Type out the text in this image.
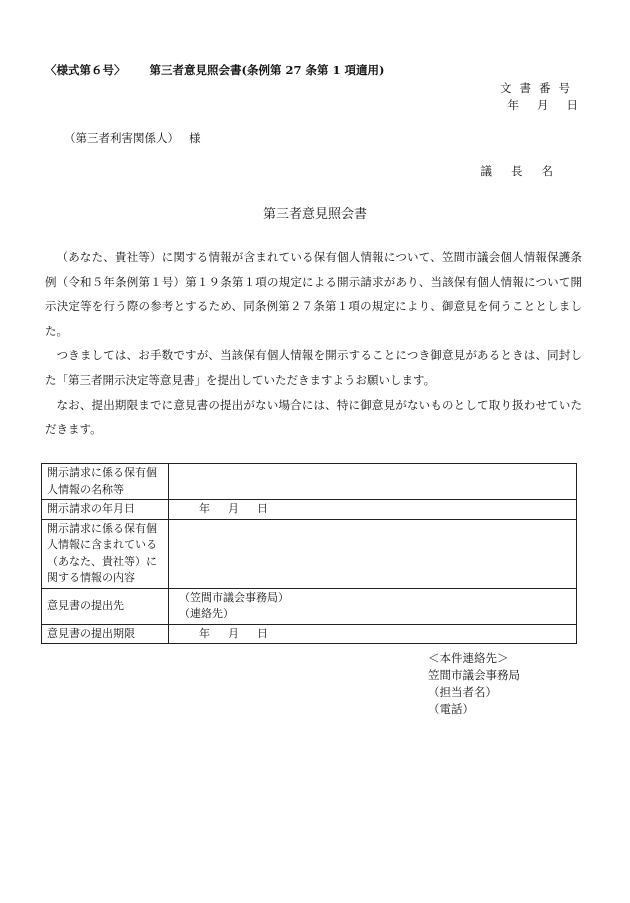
〈様式第６号〉 第三者意見照会書(条例第 27 条第 1 項適用)
文書番号
年 月 日
（第三者利害関係人） 様
議長名
第三者意見照会書

（あなた、貴社等）に関する情報が含まれている保有個人情報について、笠間市議会個人情報保護条例（令和５年条例第１号）第１９条第１項の規定による開示請求があり、当該保有個人情報について開示決定等を行う際の参考とするため、同条例第２７条第１項の規定により、御意見を伺うこととしました。

つきましては、お手数ですが、当該保有個人情報を開示することにつき御意見があるときは、同封した「第三者開示決定等意見書」を提出していただきますようお願いします。

なお、提出期限までに意見書の提出がない場合には、特に御意見がないものとして取り扱わせていただきます。

開示請求に係る保有個人情報の名称等	
開示請求の年月日	年 月 日
開示請求に係る保有個人情報に含まれている（あなた、貴社等）に関する情報の内容	
意見書の提出先	（笠間市議会事務局）
（連絡先）

意見書の提出期限	年 月 日
＜本件連絡先＞
笠間市議会事務局
（担当者名）
（電話）
